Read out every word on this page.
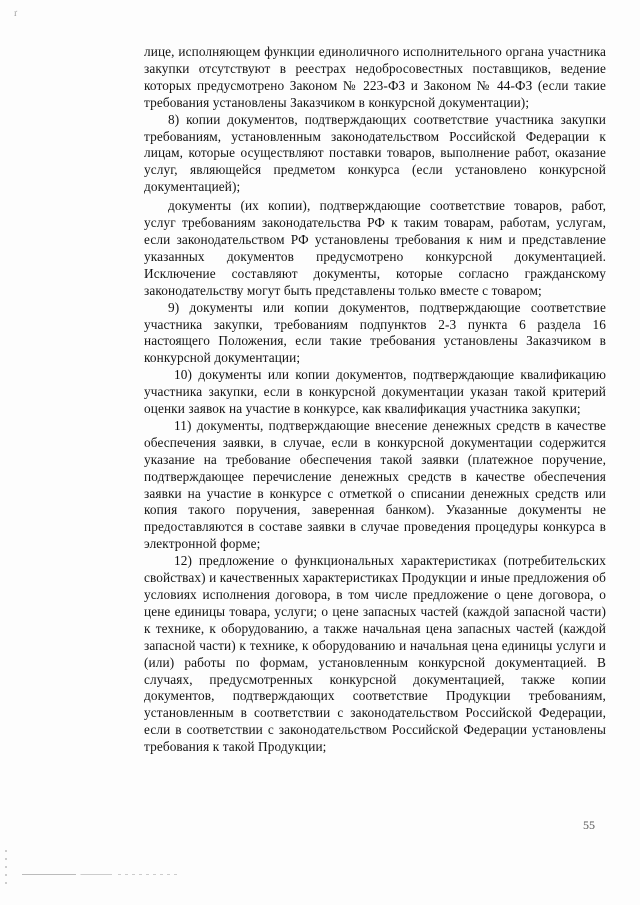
ґ

лице, исполняющем функции единоличного исполнительного органа участника закупки отсутствуют в реестрах недобросовестных поставщиков, ведение которых предусмотрено Законом № 223-ФЗ и Законом № 44-ФЗ (если такие требования установлены Заказчиком в конкурсной документации);

8) копии документов, подтверждающих соответствие участника закупки требованиям, установленным законодательством Российской Федерации к лицам, которые осуществляют поставки товаров, выполнение работ, оказание услуг, являющейся предметом конкурса (если установлено конкурсной документацией);

документы (их копии), подтверждающие соответствие товаров, работ, услуг требованиям законодательства РФ к таким товарам, работам, услугам, если законодательством РФ установлены требования к ним и представление указанных документов предусмотрено конкурсной документацией. Исключение составляют документы, которые согласно гражданскому законодательству могут быть представлены только вместе с товаром;

9) документы или копии документов, подтверждающие соответствие участника закупки, требованиям подпунктов 2-3 пункта 6 раздела 16 настоящего Положения, если такие требования установлены Заказчиком в конкурсной документации;

10) документы или копии документов, подтверждающие квалификацию участника закупки, если в конкурсной документации указан такой критерий оценки заявок на участие в конкурсе, как квалификация участника закупки;

11) документы, подтверждающие внесение денежных средств в качестве обеспечения заявки, в случае, если в конкурсной документации содержится указание на требование обеспечения такой заявки (платежное поручение, подтверждающее перечисление денежных средств в качестве обеспечения заявки на участие в конкурсе с отметкой о списании денежных средств или копия такого поручения, заверенная банком). Указанные документы не предоставляются в составе заявки в случае проведения процедуры конкурса в электронной форме;

12) предложение о функциональных характеристиках (потребительских свойствах) и качественных характеристиках Продукции и иные предложения об условиях исполнения договора, в том числе предложение о цене договора, о цене единицы товара, услуги; о цене запасных частей (каждой запасной части) к технике, к оборудованию, а также начальная цена запасных частей (каждой запасной части) к технике, к оборудованию и начальная цена единицы услуги и (или) работы по формам, установленным конкурсной документацией. В случаях, предусмотренных конкурсной документацией, также копии документов, подтверждающих соответствие Продукции требованиям, установленным в соответствии с законодательством Российской Федерации, если в соответствии с законодательством Российской Федерации установлены требования к такой Продукции;

55
